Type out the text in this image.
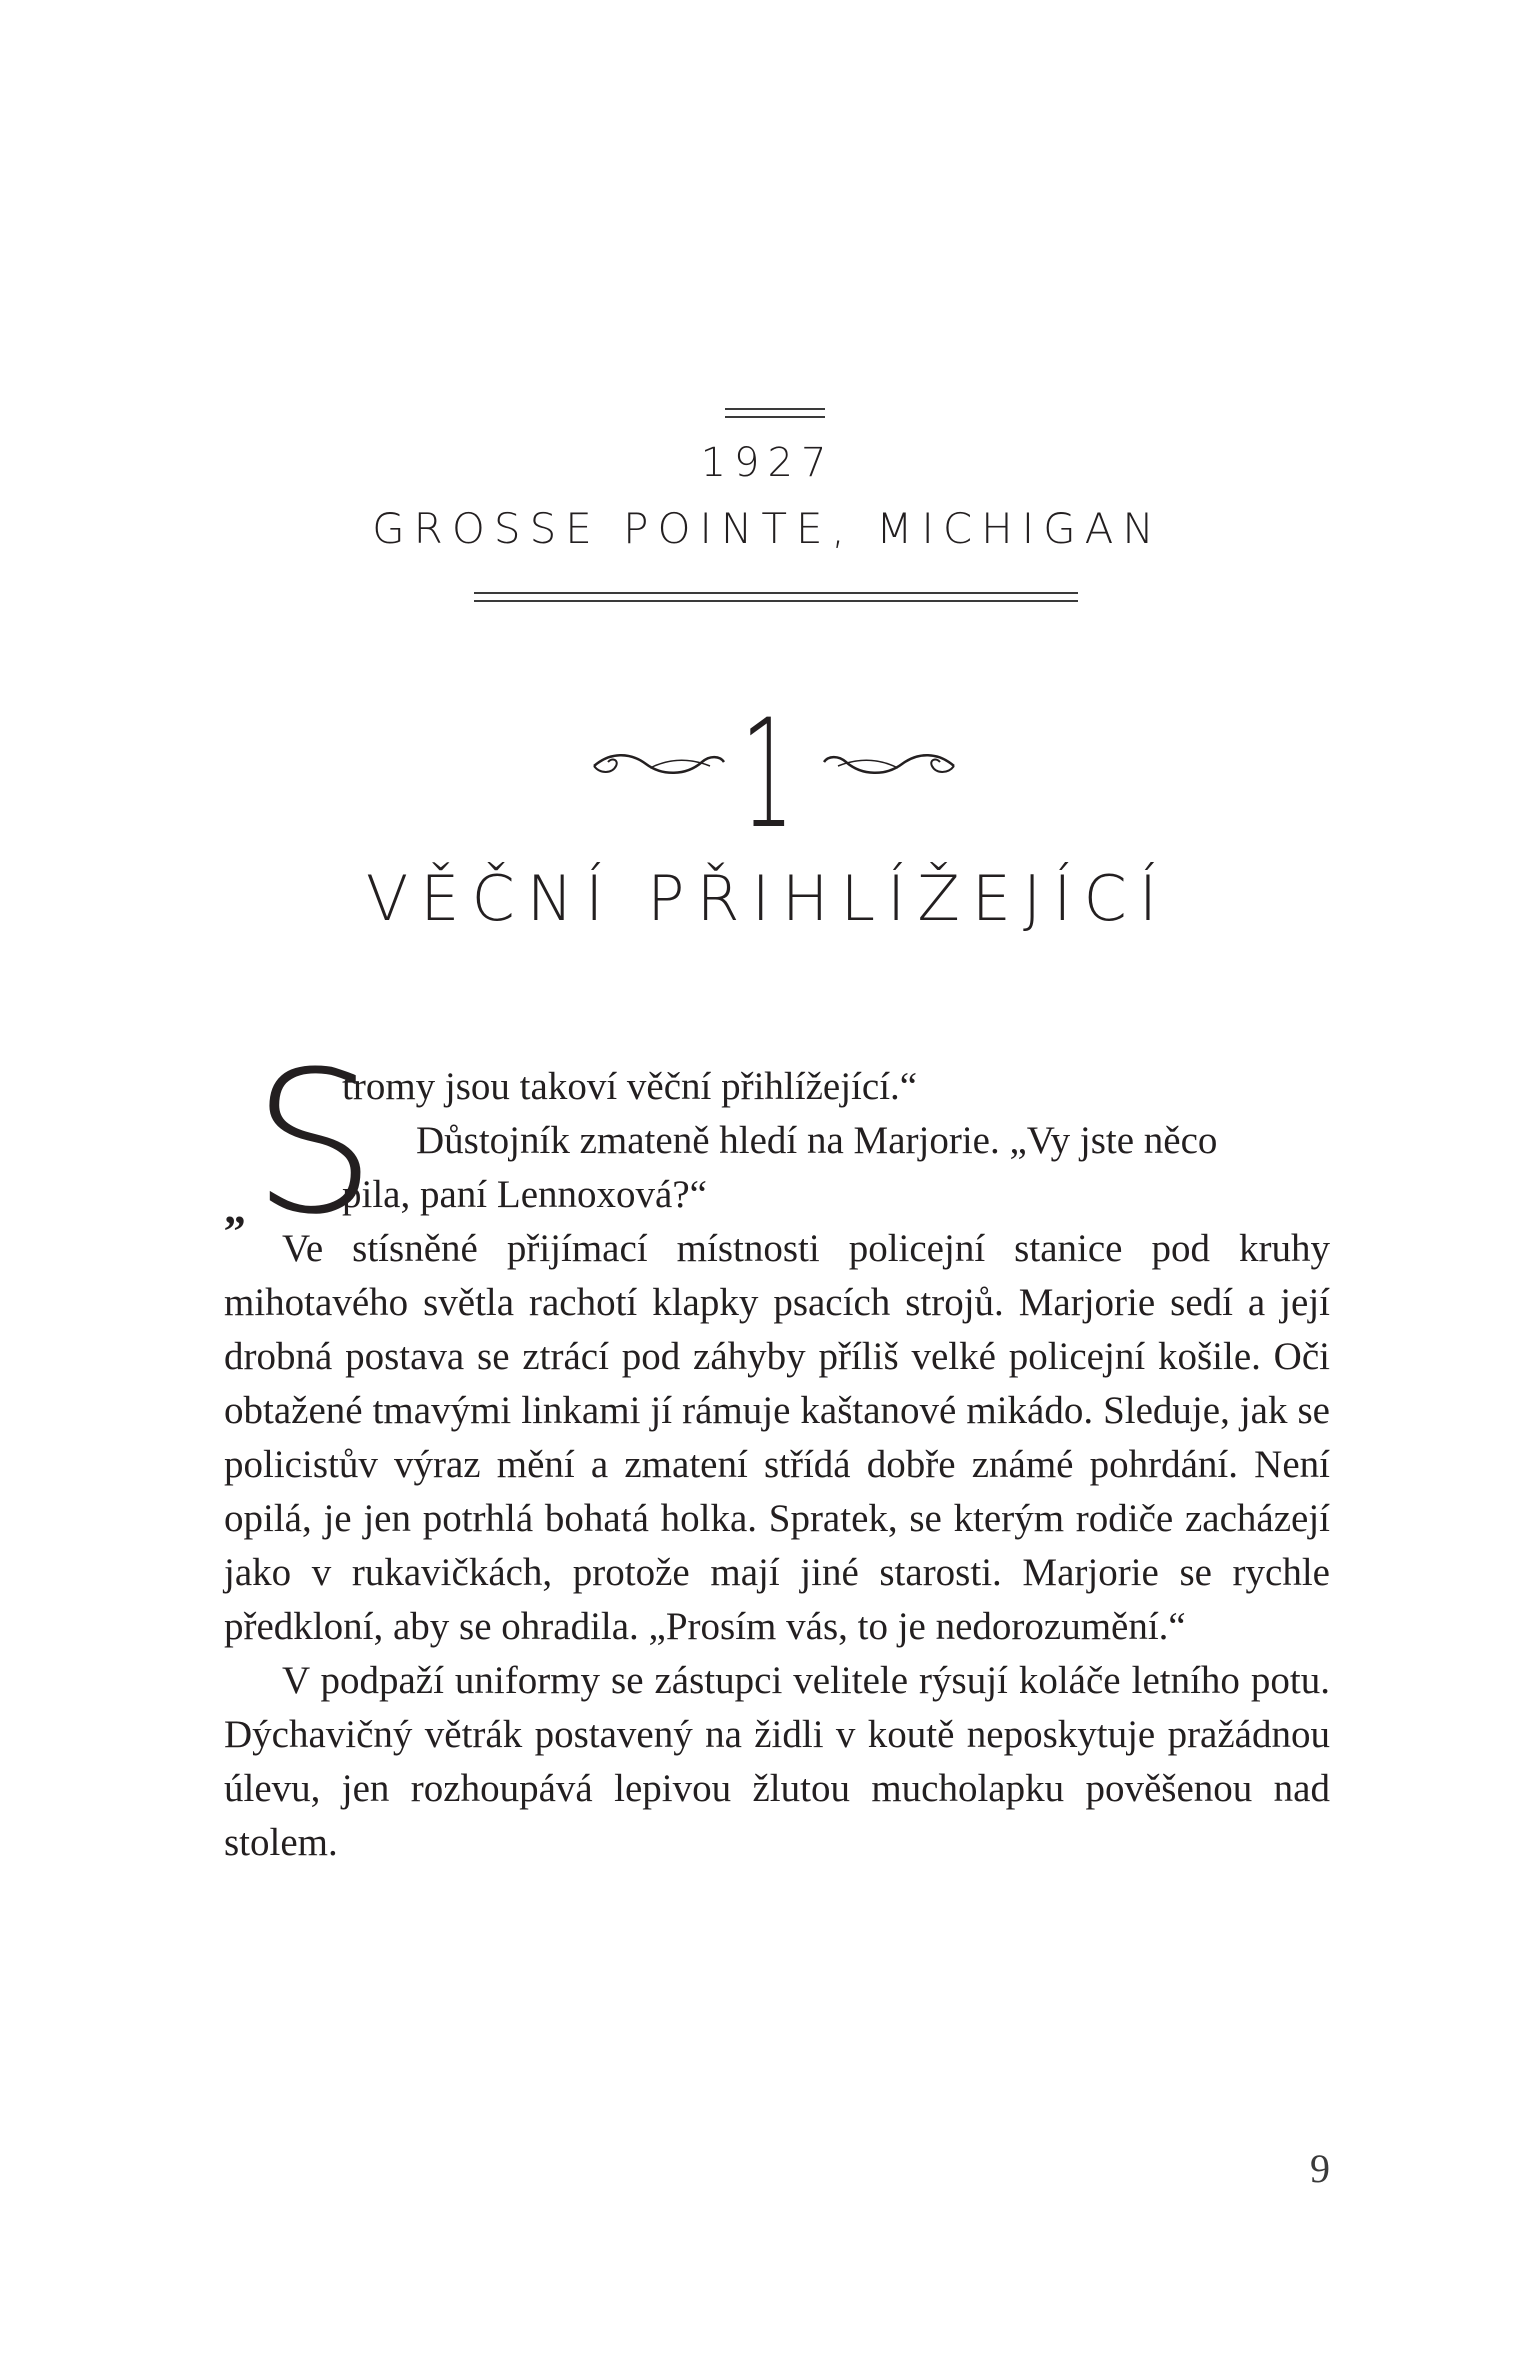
1927
GROSSE POINTE, MICHIGAN
1
VĚČNÍ PŘIHLÍŽEJÍCÍ
„ S
tromy jsou takoví věční přihlížející.“
Důstojník zmateně hledí na Marjorie. „Vy jste něco
pila, paní Lennoxová?“

Ve stísněné přijímací místnosti policejní stanice pod kruhy mihotavého světla rachotí klapky psacích strojů. Marjorie sedí a její drobná postava se ztrácí pod záhyby příliš velké policejní košile. Oči obtažené tmavými linkami jí rámuje kaštanové mikádo. Sleduje, jak se policistův výraz mění a zmatení střídá dobře známé pohrdání. Není opilá, je jen potrhlá bohatá holka. Spratek, se kterým rodiče zacházejí jako v rukavičkách, protože mají jiné starosti. Marjorie se rychle předkloní, aby se ohradila. „Prosím vás, to je nedorozumění.“

V podpaží uniformy se zástupci velitele rýsují koláče letního potu. Dýchavičný větrák postavený na židli v koutě neposkytuje pražádnou úlevu, jen rozhoupává lepivou žlutou mucholapku pověšenou nad stolem.

9
